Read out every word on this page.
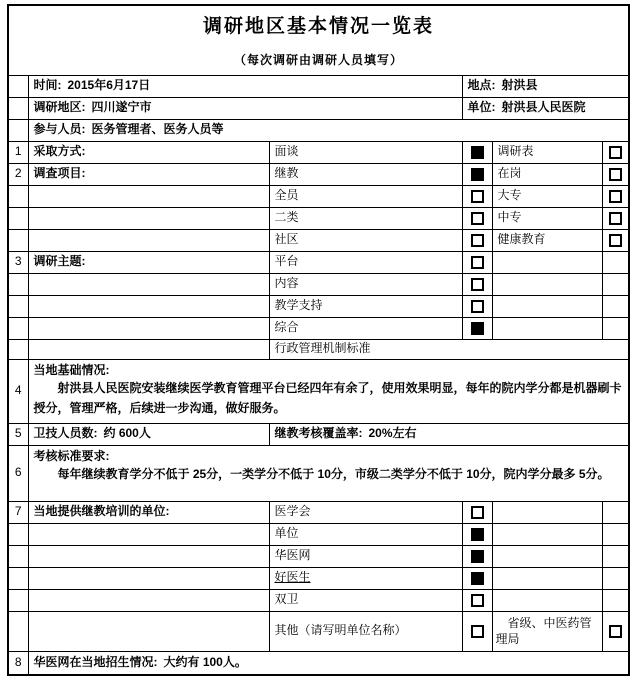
调研地区基本情况一览表
（每次调研由调研人员填写）					

	时间: 2015年6月17日		地点: 射洪县		
	调研地区: 四川遂宁市		单位: 射洪县人民医院		
	参与人员: 医务管理者、医务人员等				
1	采取方式:	面谈		调研表	
2	调查项目:	继教		在岗	
		全员		大专	
		二类		中专	
		社区		健康教育	
3	调研主题:	平台			
		内容			
		教学支持			
		综合			
		行政管理机制标准			
4	当地基础情况:
射洪县人民医院安装继续医学教育管理平台已经四年有余了，使用效果明显，每年的院内学分都是机器刷卡授分，管理严格，后续进一步沟通，做好服务。				

5	卫技人员数: 约 600人	继教考核覆盖率: 20%左右			
6	考核标准要求:
每年继续教育学分不低于 25分，一类学分不低于 10分，市级二类学分不低于 10分，院内学分最多 5分。				

7	当地提供继教培训的单位:	医学会			
		单位			
		华医网			
		好医生			
		双卫			
		其他（请写明单位名称）		省级、中医药管理局	
8	华医网在当地招生情况: 大约有 100人。				
